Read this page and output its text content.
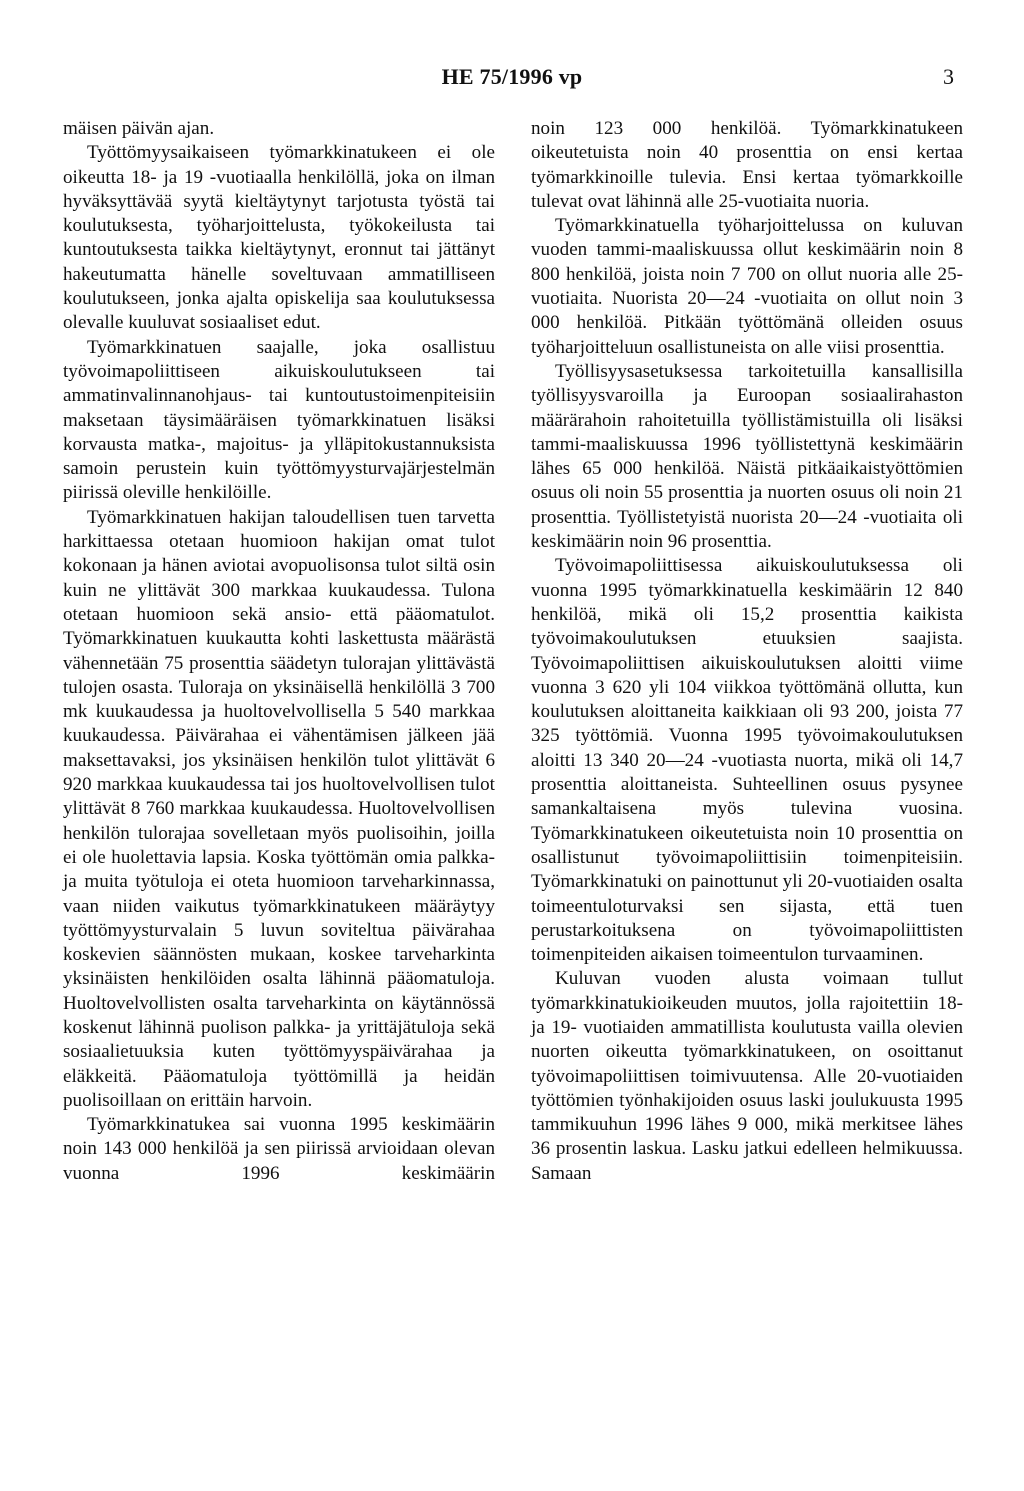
HE 75/1996 vp	3

mäisen päivän ajan.

Työttömyysaikaiseen työmarkkinatukeen ei ole oikeutta 18- ja 19 -vuotiaalla henkilöllä, joka on ilman hyväksyttävää syytä kieltäytynyt tarjotusta työstä tai koulutuksesta, työharjoittelusta, työkokeilusta tai kuntoutuksesta taikka kieltäytynyt, eronnut tai jättänyt hakeutumatta hänelle soveltuvaan ammatilliseen koulutukseen, jonka ajalta opiskelija saa koulutuksessa olevalle kuuluvat sosiaaliset edut.

Työmarkkinatuen saajalle, joka osallistuu työvoimapoliittiseen aikuiskoulutukseen tai ammatinvalinnanohjaus- tai kuntoutustoimenpiteisiin maksetaan täysimääräisen työmarkkinatuen lisäksi korvausta matka-, majoitus- ja ylläpitokustannuksista samoin perustein kuin työttömyysturvajärjestelmän piirissä oleville henkilöille.

Työmarkkinatuen hakijan taloudellisen tuen tarvetta harkittaessa otetaan huomioon hakijan omat tulot kokonaan ja hänen aviotai avopuolisonsa tulot siltä osin kuin ne ylittävät 300 markkaa kuukaudessa. Tulona otetaan huomioon sekä ansio- että pääomatulot. Työmarkkinatuen kuukautta kohti laskettusta määrästä vähennetään 75 prosenttia säädetyn tulorajan ylittävästä tulojen osasta. Tuloraja on yksinäisellä henkilöllä 3 700 mk kuukaudessa ja huoltovelvollisella 5 540 markkaa kuukaudessa. Päivärahaa ei vähentämisen jälkeen jää maksettavaksi, jos yksinäisen henkilön tulot ylittävät 6 920 markkaa kuukaudessa tai jos huoltovelvollisen tulot ylittävät 8 760 markkaa kuukaudessa. Huoltovelvollisen henkilön tulorajaa sovelletaan myös puolisoihin, joilla ei ole huolettavia lapsia. Koska työttömän omia palkka- ja muita työtuloja ei oteta huomioon tarveharkinnassa, vaan niiden vaikutus työmarkkinatukeen määräytyy työttömyysturvalain 5 luvun soviteltua päivärahaa koskevien säännösten mukaan, koskee tarveharkinta yksinäisten henkilöiden osalta lähinnä pääomatuloja. Huoltovelvollisten osalta tarveharkinta on käytännössä koskenut lähinnä puolison palkka- ja yrittäjätuloja sekä sosiaalietuuksia kuten työttömyyspäivärahaa ja eläkkeitä. Pääomatuloja työttömillä ja heidän puolisoillaan on erittäin harvoin.

Työmarkkinatukea sai vuonna 1995 keskimäärin noin 143 000 henkilöä ja sen piirissä arvioidaan olevan vuonna 1996 keskimäärin

noin 123 000 henkilöä. Työmarkkinatukeen oikeutetuista noin 40 prosenttia on ensi kertaa työmarkkinoille tulevia. Ensi kertaa työmarkkoille tulevat ovat lähinnä alle 25-vuotiaita nuoria.

Työmarkkinatuella työharjoittelussa on kuluvan vuoden tammi-maaliskuussa ollut keskimäärin noin 8 800 henkilöä, joista noin 7 700 on ollut nuoria alle 25-vuotiaita. Nuorista 20—24 -vuotiaita on ollut noin 3 000 henkilöä. Pitkään työttömänä olleiden osuus työharjoitteluun osallistuneista on alle viisi prosenttia.

Työllisyysasetuksessa tarkoitetuilla kansallisilla työllisyysvaroilla ja Euroopan sosiaalirahaston määrärahoin rahoitetuilla työllistämistuilla oli lisäksi tammi-maaliskuussa 1996 työllistettynä keskimäärin lähes 65 000 henkilöä. Näistä pitkäaikaistyöttömien osuus oli noin 55 prosenttia ja nuorten osuus oli noin 21 prosenttia. Työllistetyistä nuorista 20—24 -vuotiaita oli keskimäärin noin 96 prosenttia.

Työvoimapoliittisessa aikuiskoulutuksessa oli vuonna 1995 työmarkkinatuella keskimäärin 12 840 henkilöä, mikä oli 15,2 prosenttia kaikista työvoimakoulutuksen etuuksien saajista. Työvoimapoliittisen aikuiskoulutuksen aloitti viime vuonna 3 620 yli 104 viikkoa työttömänä ollutta, kun koulutuksen aloittaneita kaikkiaan oli 93 200, joista 77 325 työttömiä. Vuonna 1995 työvoimakoulutuksen aloitti 13 340 20—24 -vuotiasta nuorta, mikä oli 14,7 prosenttia aloittaneista. Suhteellinen osuus pysynee samankaltaisena myös tulevina vuosina. Työmarkkinatukeen oikeutetuista noin 10 prosenttia on osallistunut työvoimapoliittisiin toimenpiteisiin. Työmarkkinatuki on painottunut yli 20-vuotiaiden osalta toimeentuloturvaksi sen sijasta, että tuen perustarkoituksena on työvoimapoliittisten toimenpiteiden aikaisen toimeentulon turvaaminen.

Kuluvan vuoden alusta voimaan tullut työmarkkinatukioikeuden muutos, jolla rajoitettiin 18- ja 19- vuotiaiden ammatillista koulutusta vailla olevien nuorten oikeutta työmarkkinatukeen, on osoittanut työvoimapoliittisen toimivuutensa. Alle 20-vuotiaiden työttömien työnhakijoiden osuus laski joulukuusta 1995 tammikuuhun 1996 lähes 9 000, mikä merkitsee lähes 36 prosentin laskua. Lasku jatkui edelleen helmikuussa. Samaan
